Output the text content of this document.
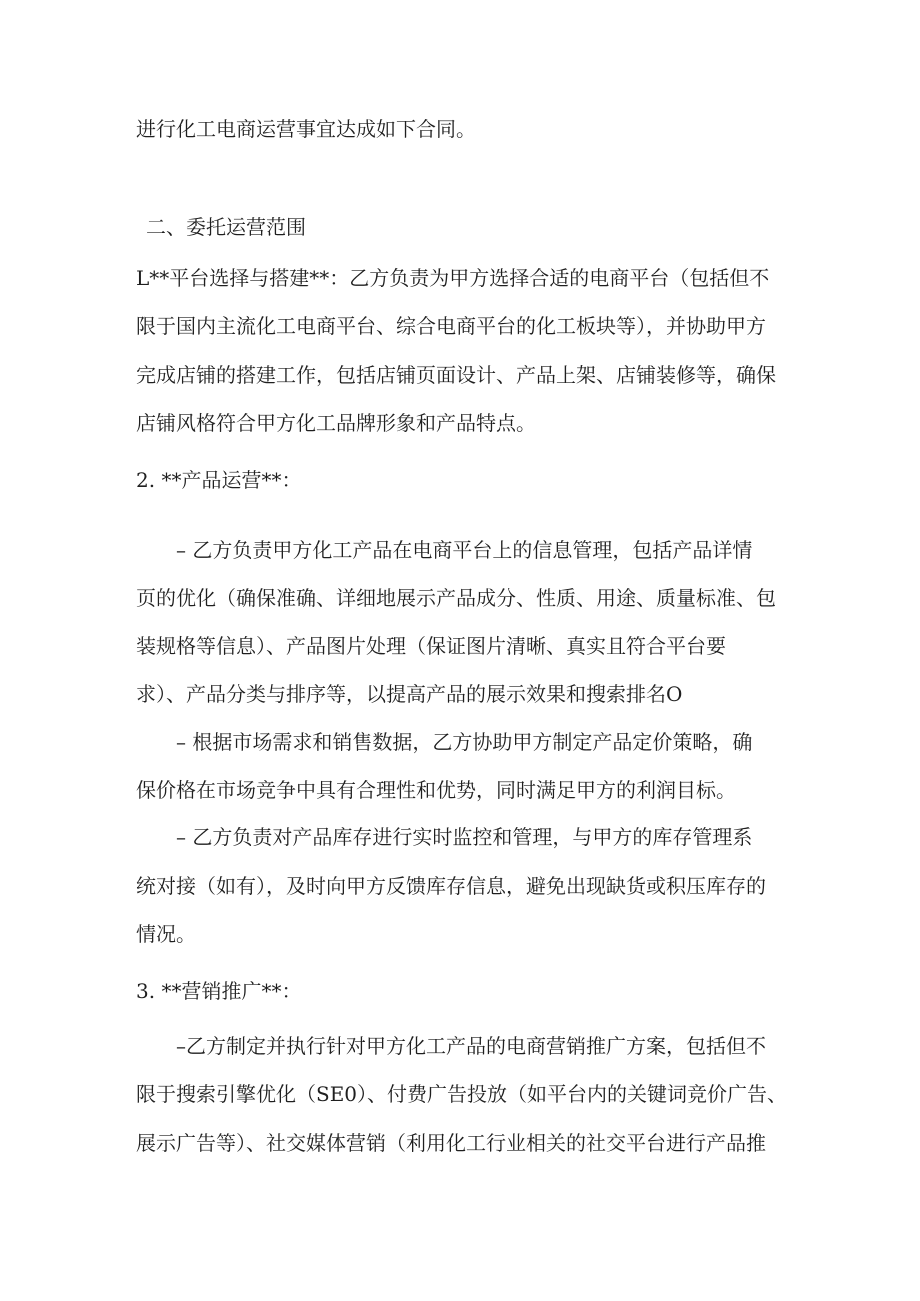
进行化工电商运营事宜达成如下合同。

二、委托运营范围

L**平台选择与搭建**：乙方负责为甲方选择合适的电商平台（包括但不

限于国内主流化工电商平台、综合电商平台的化工板块等），并协助甲方

完成店铺的搭建工作，包括店铺页面设计、产品上架、店铺装修等，确保

店铺风格符合甲方化工品牌形象和产品特点。

2. **产品运营**：

– 乙方负责甲方化工产品在电商平台上的信息管理，包括产品详情

页的优化（确保准确、详细地展示产品成分、性质、用途、质量标准、包

装规格等信息）、产品图片处理（保证图片清晰、真实且符合平台要

求）、产品分类与排序等，以提高产品的展示效果和搜索排名O

– 根据市场需求和销售数据，乙方协助甲方制定产品定价策略，确

保价格在市场竞争中具有合理性和优势，同时满足甲方的利润目标。

– 乙方负责对产品库存进行实时监控和管理，与甲方的库存管理系

统对接（如有），及时向甲方反馈库存信息，避免出现缺货或积压库存的

情况。

3. **营销推广**：

–乙方制定并执行针对甲方化工产品的电商营销推广方案，包括但不

限于搜索引擎优化（SE0）、付费广告投放（如平台内的关键词竞价广告、

展示广告等）、社交媒体营销（利用化工行业相关的社交平台进行产品推
